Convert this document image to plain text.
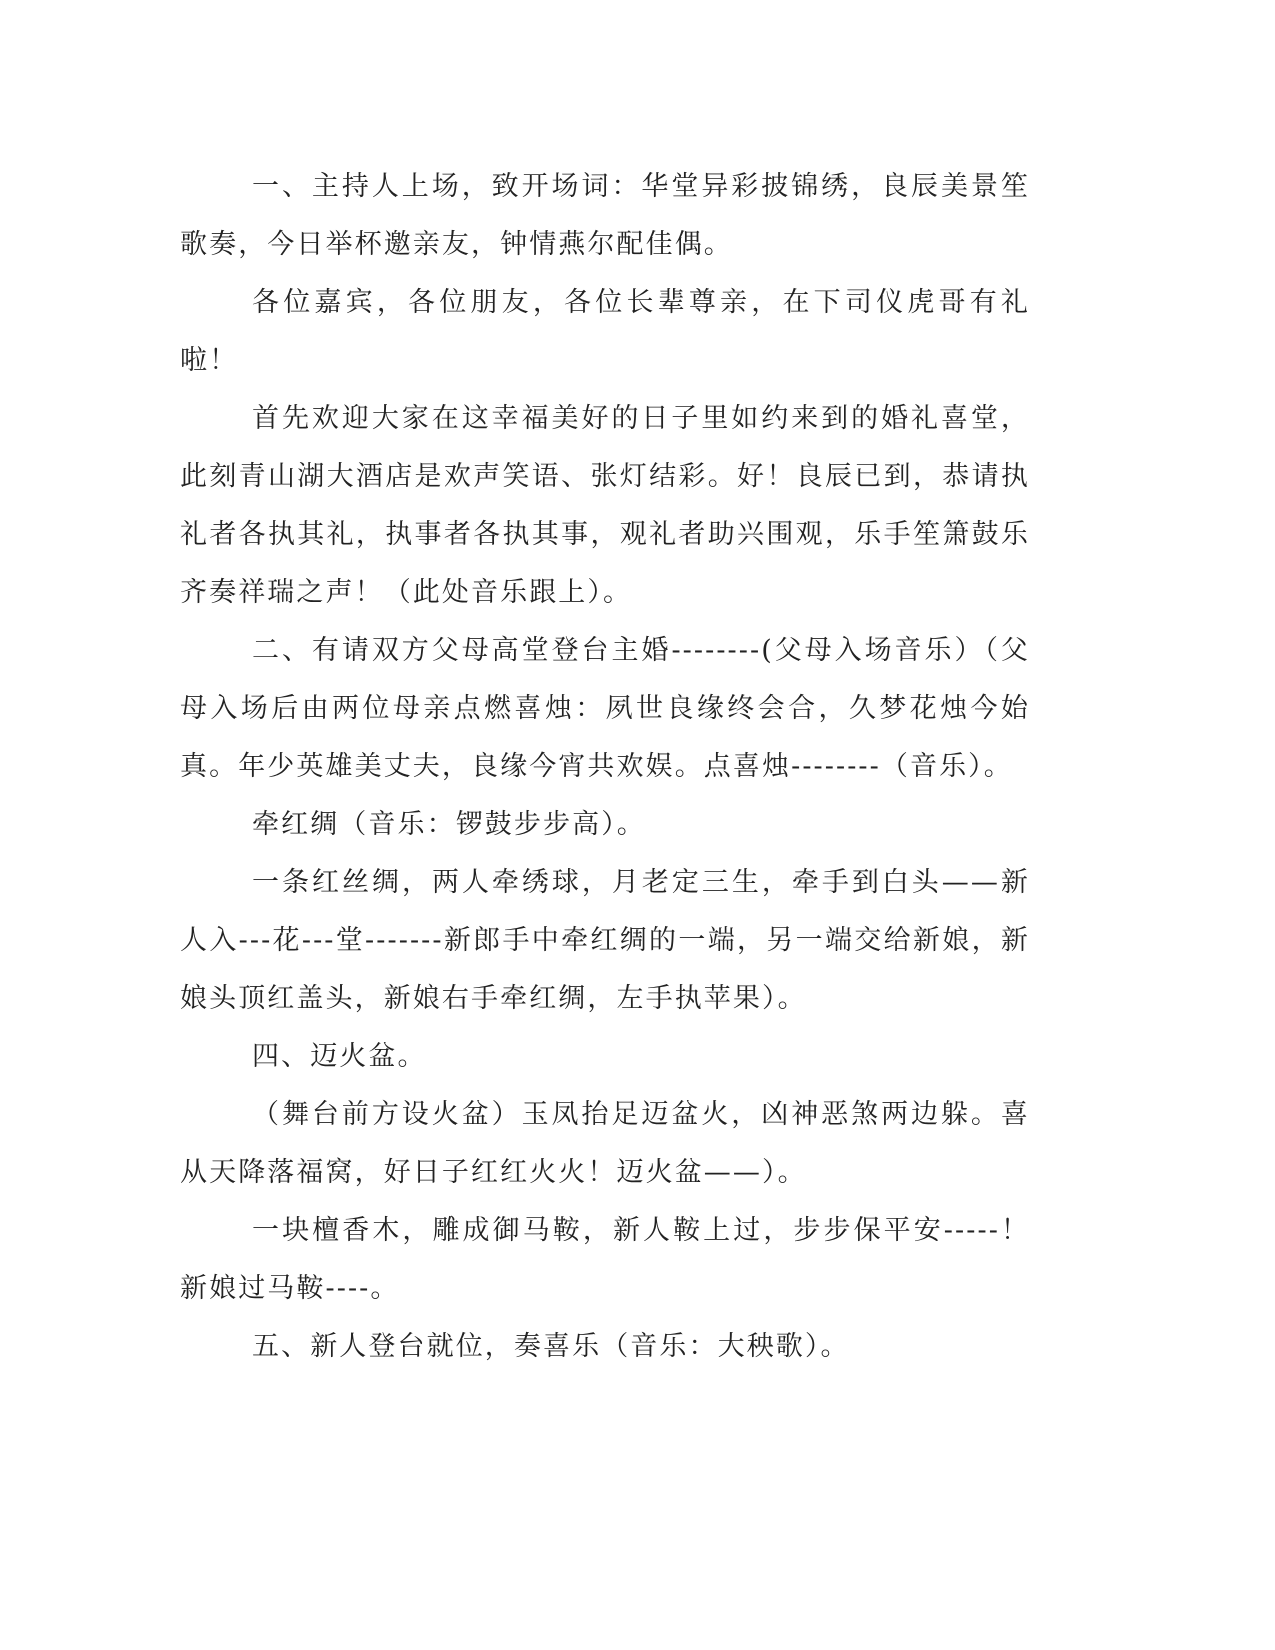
一、主持人上场，致开场词：华堂异彩披锦绣，良辰美景笙歌奏，今日举杯邀亲友，钟情燕尔配佳偶。

各位嘉宾，各位朋友，各位长辈尊亲，在下司仪虎哥有礼啦！

首先欢迎大家在这幸福美好的日子里如约来到的婚礼喜堂，此刻青山湖大酒店是欢声笑语、张灯结彩。好！良辰已到，恭请执礼者各执其礼，执事者各执其事，观礼者助兴围观，乐手笙箫鼓乐齐奏祥瑞之声！（此处音乐跟上）。

二、有请双方父母高堂登台主婚--------(父母入场音乐）（父母入场后由两位母亲点燃喜烛：夙世良缘终会合，久梦花烛今始真。年少英雄美丈夫，良缘今宵共欢娱。点喜烛--------（音乐）。

牵红绸（音乐：锣鼓步步高）。

一条红丝绸，两人牵绣球，月老定三生，牵手到白头——新人入---花---堂-------新郎手中牵红绸的一端，另一端交给新娘，新娘头顶红盖头，新娘右手牵红绸，左手执苹果）。

四、迈火盆。

（舞台前方设火盆）玉凤抬足迈盆火，凶神恶煞两边躲。喜从天降落福窝，好日子红红火火！迈火盆——）。

一块檀香木，雕成御马鞍，新人鞍上过，步步保平安-----！新娘过马鞍----。

五、新人登台就位，奏喜乐（音乐：大秧歌）。
